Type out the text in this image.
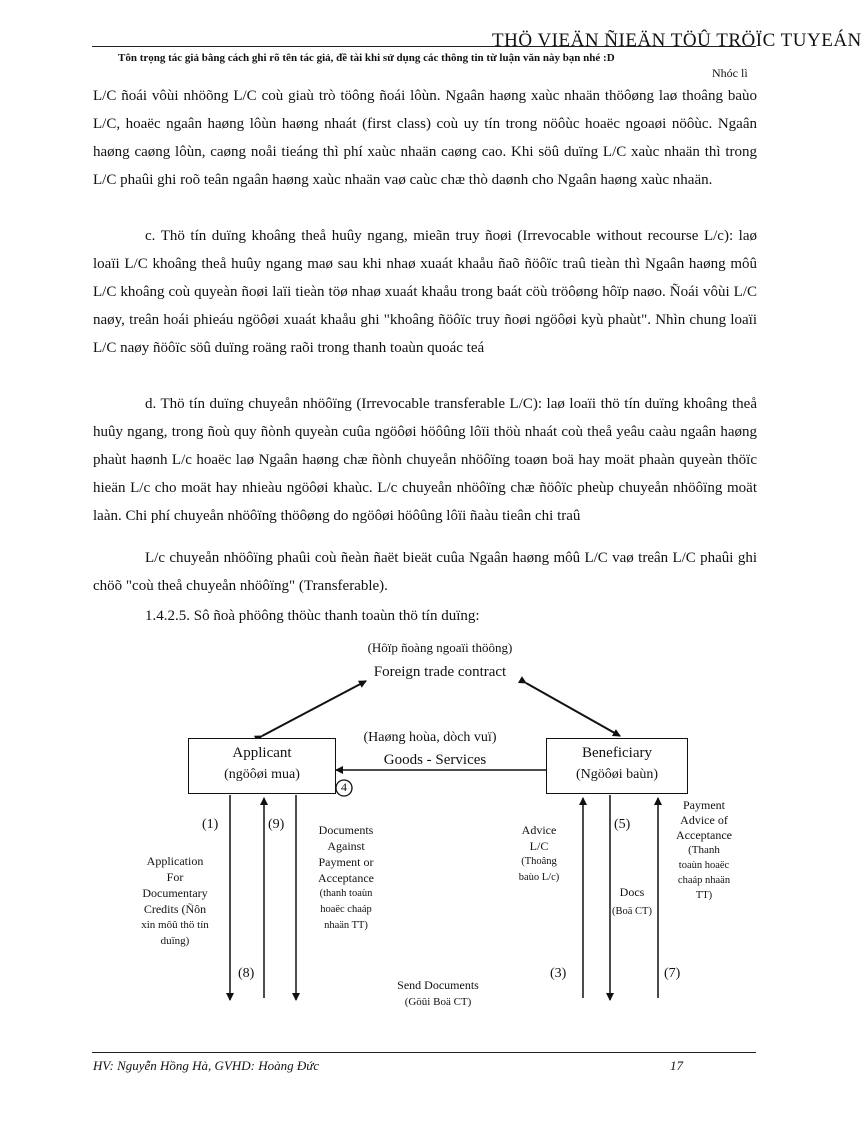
THÖ VIEÄN ÑIEÄN TÖÛ TRÖÏC TUYEÁN
Tôn trọng tác giả bằng cách ghi rõ tên tác giả, đề tài khi sử dụng các thông tin từ luận văn này bạn nhé :D
Nhóc lì

L/C ñoái vôùi nhöõng L/C coù giaù trò töông ñoái lôùn. Ngaân haøng xaùc nhaän thöôøng laø thoâng baùo L/C, hoaëc ngaân haøng lôùn haøng nhaát (first class) coù uy tín trong nöôùc hoaëc ngoaøi nöôùc. Ngaân haøng caøng lôùn, caøng noåi tieáng thì phí xaùc nhaän caøng cao. Khi söû duïng L/C xaùc nhaän thì trong L/C phaûi ghi roõ teân ngaân haøng xaùc nhaän vaø caùc chæ thò daønh cho Ngaân haøng xaùc nhaän.

c. Thö tín duïng khoâng theå huûy ngang, mieãn truy ñoøi (Irrevocable without recourse L/c): laø loaïi L/C khoâng theå huûy ngang maø sau khi nhaø xuaát khaåu ñaõ ñöôïc traû tieàn thì Ngaân haøng môû L/C khoâng coù quyeàn ñoøi laïi tieàn töø nhaø xuaát khaåu trong baát cöù tröôøng hôïp naøo. Ñoái vôùi L/C naøy, treân hoái phieáu ngöôøi xuaát khaåu ghi "khoâng ñöôïc truy ñoøi ngöôøi kyù phaùt". Nhìn chung loaïi L/C naøy ñöôïc söû duïng roäng raõi trong thanh toaùn quoác teá

d. Thö tín duïng chuyeån nhöôïng (Irrevocable transferable L/C): laø loaïi thö tín duïng khoâng theå huûy ngang, trong ñoù quy ñònh quyeàn cuûa ngöôøi höôûng lôïi thöù nhaát coù theå yeâu caàu ngaân haøng phaùt haønh L/c hoaëc laø Ngaân haøng chæ ñònh chuyeån nhöôïng toaøn boä hay moät phaàn quyeàn thöïc hieän L/c cho moät hay nhieàu ngöôøi khaùc. L/c chuyeån nhöôïng chæ ñöôïc pheùp chuyeån nhöôïng moät laàn. Chi phí chuyeån nhöôïng thöôøng do ngöôøi höôûng lôïi ñaàu tieân chi traû

L/c chuyeån nhöôïng phaûi coù ñeàn ñaët bieät cuûa Ngaân haøng môû L/C vaø treân L/C phaûi ghi chöõ "coù theå chuyeån nhöôïng" (Transferable).

1.4.2.5. Sô ñoà phöông thöùc thanh toaùn thö tín duïng:
(Hôïp ñoàng ngoaïi thöông)
Foreign trade contract
(Haøng hoùa, dòch vuï)
Goods - Services
4
Applicant
(ngöôøi mua)
Beneficiary
(Ngöôøi baùn)
(1)	(9)
(8)
(5)
(3)	(7)
Application
For
Documentary
Credits (Ñôn
xin môû thö tín
duïng)
Documents
Against
Payment or
Acceptance
(thanh toaùn
hoaëc chaáp
nhaän TT)
Advice
L/C
(Thoâng
baùo L/c)
Docs
(Boä CT)
Payment
Advice of
Acceptance
(Thanh
toaùn hoaëc
chaáp nhaän
TT)
Send Documents
(Göûi Boä CT)
HV: Nguyễn Hồng Hà, GVHD: Hoàng Đức	17
